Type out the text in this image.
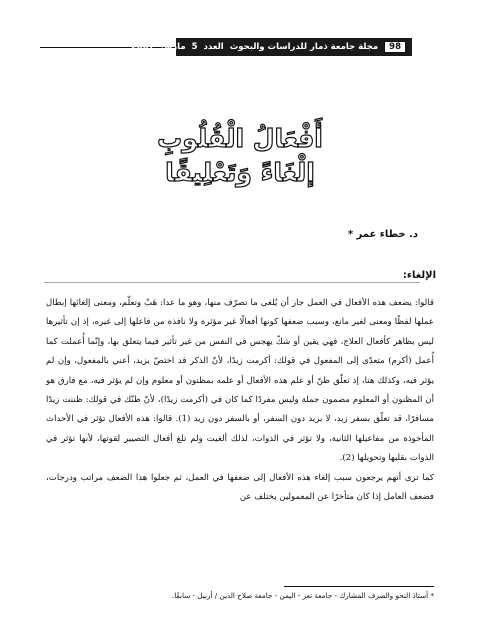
98
مجلة جامعة ذمار للدراسات والبحوث
العدد
5
مارس
2007
أَفْعَالُ الْقُلُوبِ
إلْغَاءً وَتَعْلِيقًا
د. خطاء عمر *
الإلغاء:

قالوا: يضعف هذه الأفعال في العمل جاز أن يُلغى ما تصرّف منها، وهو ما عدا: هَبْ وتعلّم، ومعنى إلغائها إبطال عملها لفظًا ومعنى لغير مانع، وسبب ضعفها كونها أفعالًا غير مؤثرة ولا نافذة من فاعلها إلى غيره، إذ إن تأثيرها ليس بظاهر كأفعال العلاج، فهي يقين أو شكّ يهجس في النفس من غير تأثير فيما يتعلق بها، وإنّما أُعملت كما أُعمل (أكرم) متعدّى إلى المفعول في قولك: أكرمت زيدًا، لأنّ الذكر قد اختصّ بزيد، أعني بالمفعول، وإن لم يؤثر فيه، وكذلك هنا، إذ تعلّق ظنّ أو علم هذه الأفعال أو علمه بمظنون أو معلوم وإن لم يؤثر فيه، مع فارق هو أن المظنون أو المعلوم مضمون جملة وليس مفردًا كما كان في (أكرمت زيدًا)، لأنّ ظنّك في قولك: ظننت زيدًا مسافرًا، قد تعلّق بسفر زيد، لا بزيد دون السفر، أو بالسفر دون زيد (1). قالوا: هذه الأفعال تؤثر في الأحداث المأخوذة من مفاعيلها الثانية، ولا تؤثر في الذوات، لذلك ألغيت ولم تلغ أفعال التصيير لقوتها، لأنها تؤثر في الذوات بقلبها وتحويلها (2).

كما ترى أنهم يرجعون سبب إلغاء هذه الأفعال إلى ضعفها في العمل، ثم جعلوا هذا الضعف مراتب ودرجات، فضعف العامل إذا كان متأخرًا عن المعمولين يختلف عن

* أستاذ النحو والصرف المشارك - جامعة تعز - اليمن - جامعة صلاح الدين / أربيل - سابقًا.
